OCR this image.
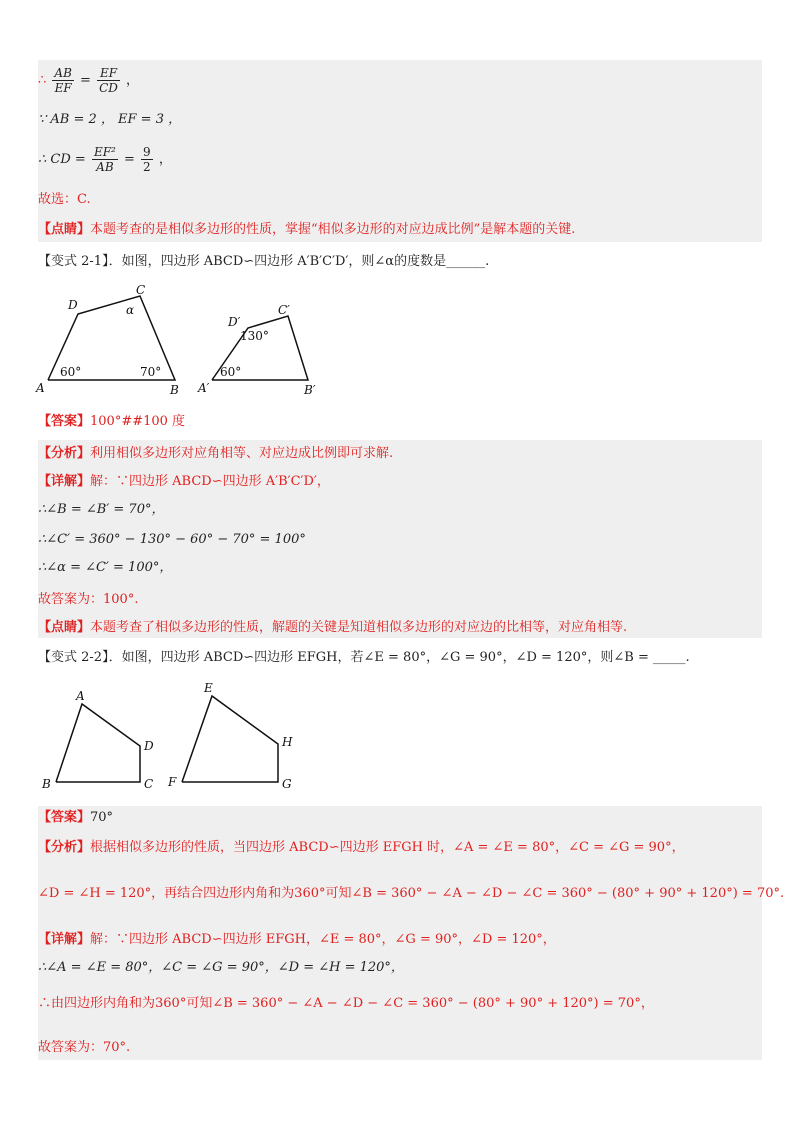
∴ $\frac{AB}{EF} = \frac{EF}{CD}$ ，
∵ AB = 2 ， EF = 3 ，
∴ CD = $\frac{\text{EF²}}{AB} = \frac{9}{2}$ ，
故选：C.
【点睛】本题考查的是相似多边形的性质，掌握“相似多边形的对应边成比例”是解本题的关键.
【变式 2-1】．如图，四边形 ABCD∽四边形 A′B′C′D′，则∠α的度数是______.
A	B
C
D	α
60°	70°
A′	B′
C′
D′
130°
60°
【答案】100°##100 度
【分析】利用相似多边形对应角相等、对应边成比例即可求解.
【详解】解：∵四边形 ABCD∽四边形 A′B′C′D′，
∴∠B = ∠B′ = 70°，
∴∠C′ = 360° − 130° − 60° − 70° = 100°
∴∠α = ∠C′ = 100°，
故答案为：100°.
【点睛】本题考查了相似多边形的性质，解题的关键是知道相似多边形的对应边的比相等，对应角相等.
【变式 2-2】．如图，四边形 ABCD∽四边形 EFGH，若∠E = 80°，∠G = 90°，∠D = 120°，则∠B = _____.
A
B	C
D
E
F	G
H
【答案】70°
【分析】根据相似多边形的性质，当四边形 ABCD∽四边形 EFGH 时，∠A = ∠E = 80°，∠C = ∠G = 90°，
∠D = ∠H = 120°，再结合四边形内角和为360°可知∠B = 360° − ∠A − ∠D − ∠C = 360° − (80° + 90° + 120°) = 70°.
【详解】解：∵四边形 ABCD∽四边形 EFGH，∠E = 80°，∠G = 90°，∠D = 120°，
∴∠A = ∠E = 80°，∠C = ∠G = 90°，∠D = ∠H = 120°，
∴由四边形内角和为360°可知∠B = 360° − ∠A − ∠D − ∠C = 360° − (80° + 90° + 120°) = 70°，
故答案为：70°.
